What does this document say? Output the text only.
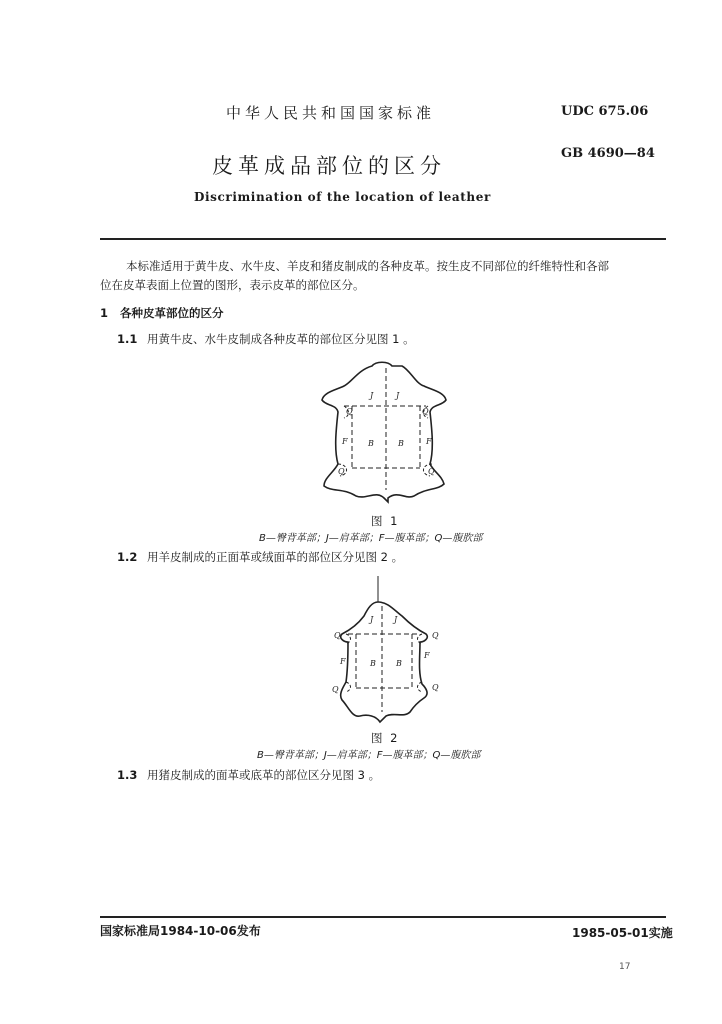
中华人民共和国国家标准	UDC 675.06
GB 4690—84
皮革成品部位的区分
Discrimination of the location of leather
本标准适用于黄牛皮、水牛皮、羊皮和猪皮制成的各种皮革。按生皮不同部位的纤维特性和各部
位在皮革表面上位置的图形，表示皮革的部位区分。
1 各种皮革部位的区分
1.1 用黄牛皮、水牛皮制成各种皮革的部位区分见图 1 。
J	J
B	B
F	F
Q	Q
Q	Q
图 1
B—臀背革部；J—肩革部；F—腹革部；Q—腹肷部
1.2 用羊皮制成的正面革或绒面革的部位区分见图 2 。
J	J
B	B
F
F
Q	Q
Q	Q
图 2
B—臀背革部；J—肩革部；F—腹革部；Q—腹肷部
1.3 用猪皮制成的面革或底革的部位区分见图 3 。
国家标准局1984-10-06发布	1985-05-01实施
17
